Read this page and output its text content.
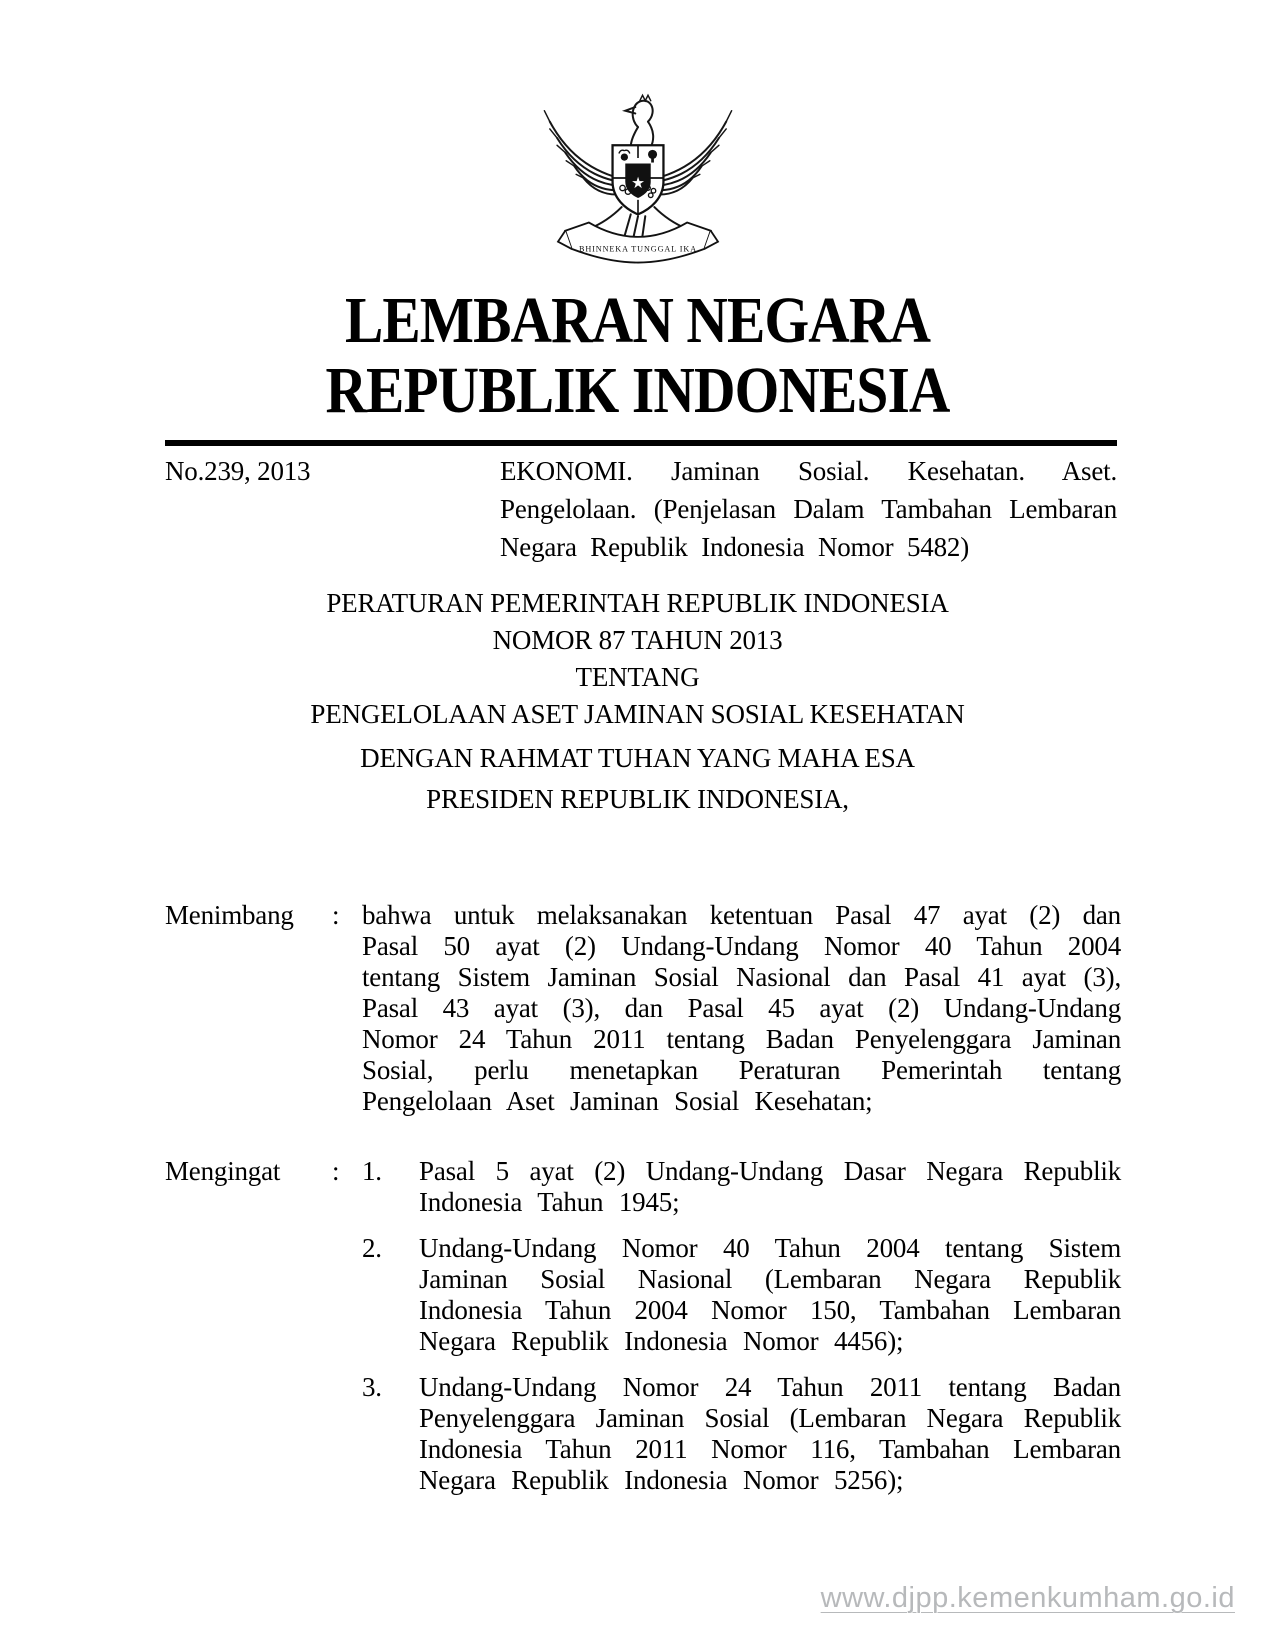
★
BHINNEKA TUNGGAL IKA
LEMBARAN NEGARA
REPUBLIK INDONESIA
No.239, 2013	EKONOMI. Jaminan Sosial. Kesehatan. Aset. Pengelolaan. (Penjelasan Dalam Tambahan Lembaran Negara Republik Indonesia Nomor 5482)
PERATURAN PEMERINTAH REPUBLIK INDONESIA
NOMOR 87 TAHUN 2013
TENTANG
PENGELOLAAN ASET JAMINAN SOSIAL KESEHATAN
DENGAN RAHMAT TUHAN YANG MAHA ESA
PRESIDEN REPUBLIK INDONESIA,
Menimbang	: bahwa untuk melaksanakan ketentuan Pasal 47 ayat (2) dan Pasal 50 ayat (2) Undang-Undang Nomor 40 Tahun 2004 tentang Sistem Jaminan Sosial Nasional dan Pasal 41 ayat (3), Pasal 43 ayat (3), dan Pasal 45 ayat (2) Undang-Undang Nomor 24 Tahun 2011 tentang Badan Penyelenggara Jaminan Sosial, perlu menetapkan Peraturan Pemerintah tentang Pengelolaan Aset Jaminan Sosial Kesehatan;
Mengingat	: 1.	Pasal 5 ayat (2) Undang-Undang Dasar Negara Republik Indonesia Tahun 1945;
2.	Undang-Undang Nomor 40 Tahun 2004 tentang Sistem Jaminan Sosial Nasional (Lembaran Negara Republik Indonesia Tahun 2004 Nomor 150, Tambahan Lembaran Negara Republik Indonesia Nomor 4456);
3.	Undang-Undang Nomor 24 Tahun 2011 tentang Badan Penyelenggara Jaminan Sosial (Lembaran Negara Republik Indonesia Tahun 2011 Nomor 116, Tambahan Lembaran Negara Republik Indonesia Nomor 5256);
www.djpp.kemenkumham.go.id
